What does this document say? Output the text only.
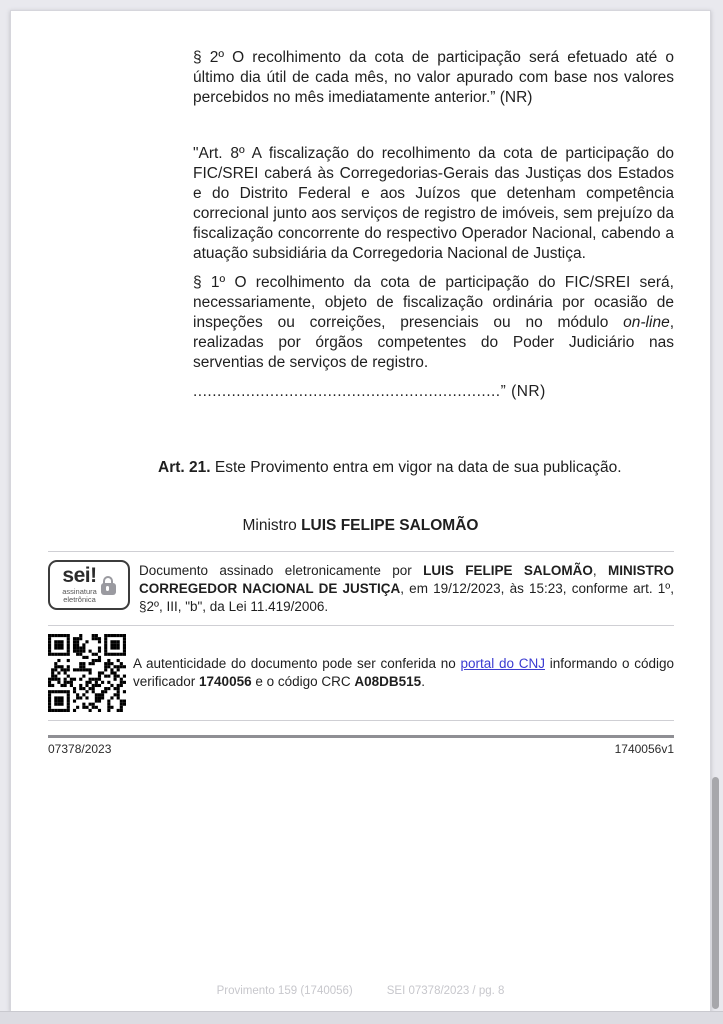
§ 2º O recolhimento da cota de participação será efetuado até o último dia útil de cada mês, no valor apurado com base nos valores percebidos no mês imediatamente anterior.” (NR)

"Art. 8º A fiscalização do recolhimento da cota de participação do FIC/SREI caberá às Corregedorias-Gerais das Justiças dos Estados e do Distrito Federal e aos Juízos que detenham competência correcional junto aos serviços de registro de imóveis, sem prejuízo da fiscalização concorrente do respectivo Operador Nacional, cabendo a atuação subsidiária da Corregedoria Nacional de Justiça.

§ 1º O recolhimento da cota de participação do FIC/SREI será, necessariamente, objeto de fiscalização ordinária por ocasião de inspeções ou correições, presenciais ou no módulo on-line, realizadas por órgãos competentes do Poder Judiciário nas serventias de serviços de registro.

................................................................” (NR)

Art. 21. Este Provimento entra em vigor na data de sua publicação.

Ministro LUIS FELIPE SALOMÃO

sei!
assinatura
eletrônica
Documento assinado eletronicamente por LUIS FELIPE SALOMÃO, MINISTRO CORREGEDOR NACIONAL DE JUSTIÇA, em 19/12/2023, às 15:23, conforme art. 1º, §2º, III, "b", da Lei 11.419/2006.
A autenticidade do documento pode ser conferida no portal do CNJ informando o código verificador 1740056 e o código CRC A08DB515.
07378/2023	1740056v1
Provimento 159 (1740056)	SEI 07378/2023 / pg. 8
